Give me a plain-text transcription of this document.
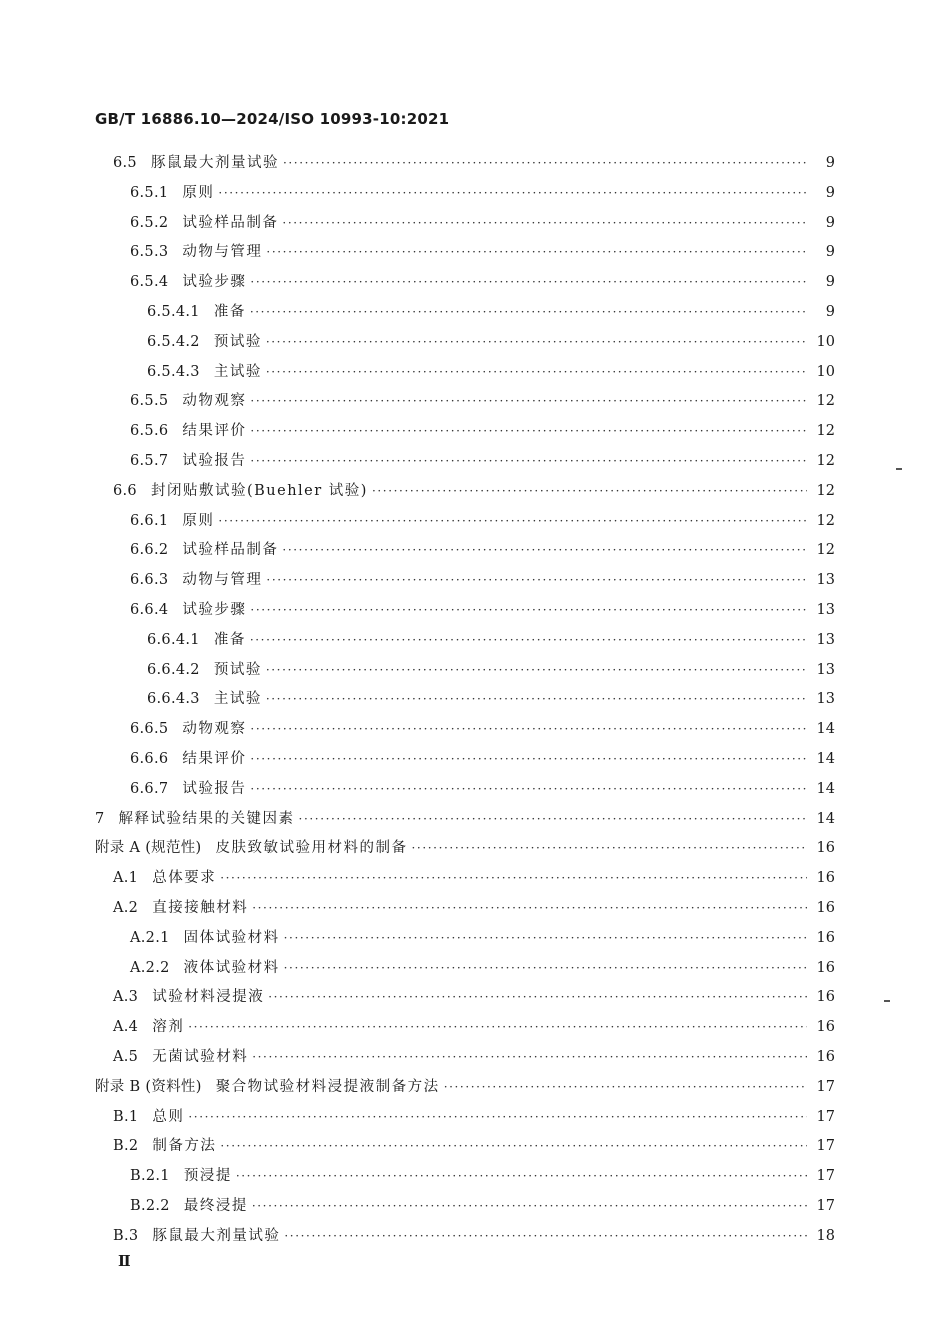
GB/T 16886.10—2024/ISO 10993-10:2021
6.5 豚鼠最大剂量试验 ·····	9
6.5.1 原则 ·····	9
6.5.2 试验样品制备 ·····	9
6.5.3 动物与管理 ·····	9
6.5.4 试验步骤 ·····	9
6.5.4.1 准备 ·····	9
6.5.4.2 预试验 ·····	10
6.5.4.3 主试验 ·····	10
6.5.5 动物观察 ·····	12
6.5.6 结果评价 ·····	12
6.5.7 试验报告 ·····	12
6.6 封闭贴敷试验(Buehler 试验) ·····	12
6.6.1 原则 ·····	12
6.6.2 试验样品制备 ·····	12
6.6.3 动物与管理 ·····	13
6.6.4 试验步骤 ·····	13
6.6.4.1 准备 ·····	13
6.6.4.2 预试验 ·····	13
6.6.4.3 主试验 ·····	13
6.6.5 动物观察 ·····	14
6.6.6 结果评价 ·····	14
6.6.7 试验报告 ·····	14
7 解释试验结果的关键因素 ·····	14
附录 A (规范性) 皮肤致敏试验用材料的制备 ·····	16
A.1 总体要求 ·····	16
A.2 直接接触材料 ·····	16
A.2.1 固体试验材料 ·····	16
A.2.2 液体试验材料 ·····	16
A.3 试验材料浸提液 ·····	16
A.4 溶剂 ·····	16
A.5 无菌试验材料 ·····	16
附录 B (资料性) 聚合物试验材料浸提液制备方法 ·····	17
B.1 总则 ·····	17
B.2 制备方法 ·····	17
B.2.1 预浸提 ·····	17
B.2.2 最终浸提 ·····	17
B.3 豚鼠最大剂量试验 ·····	18
Ⅱ
